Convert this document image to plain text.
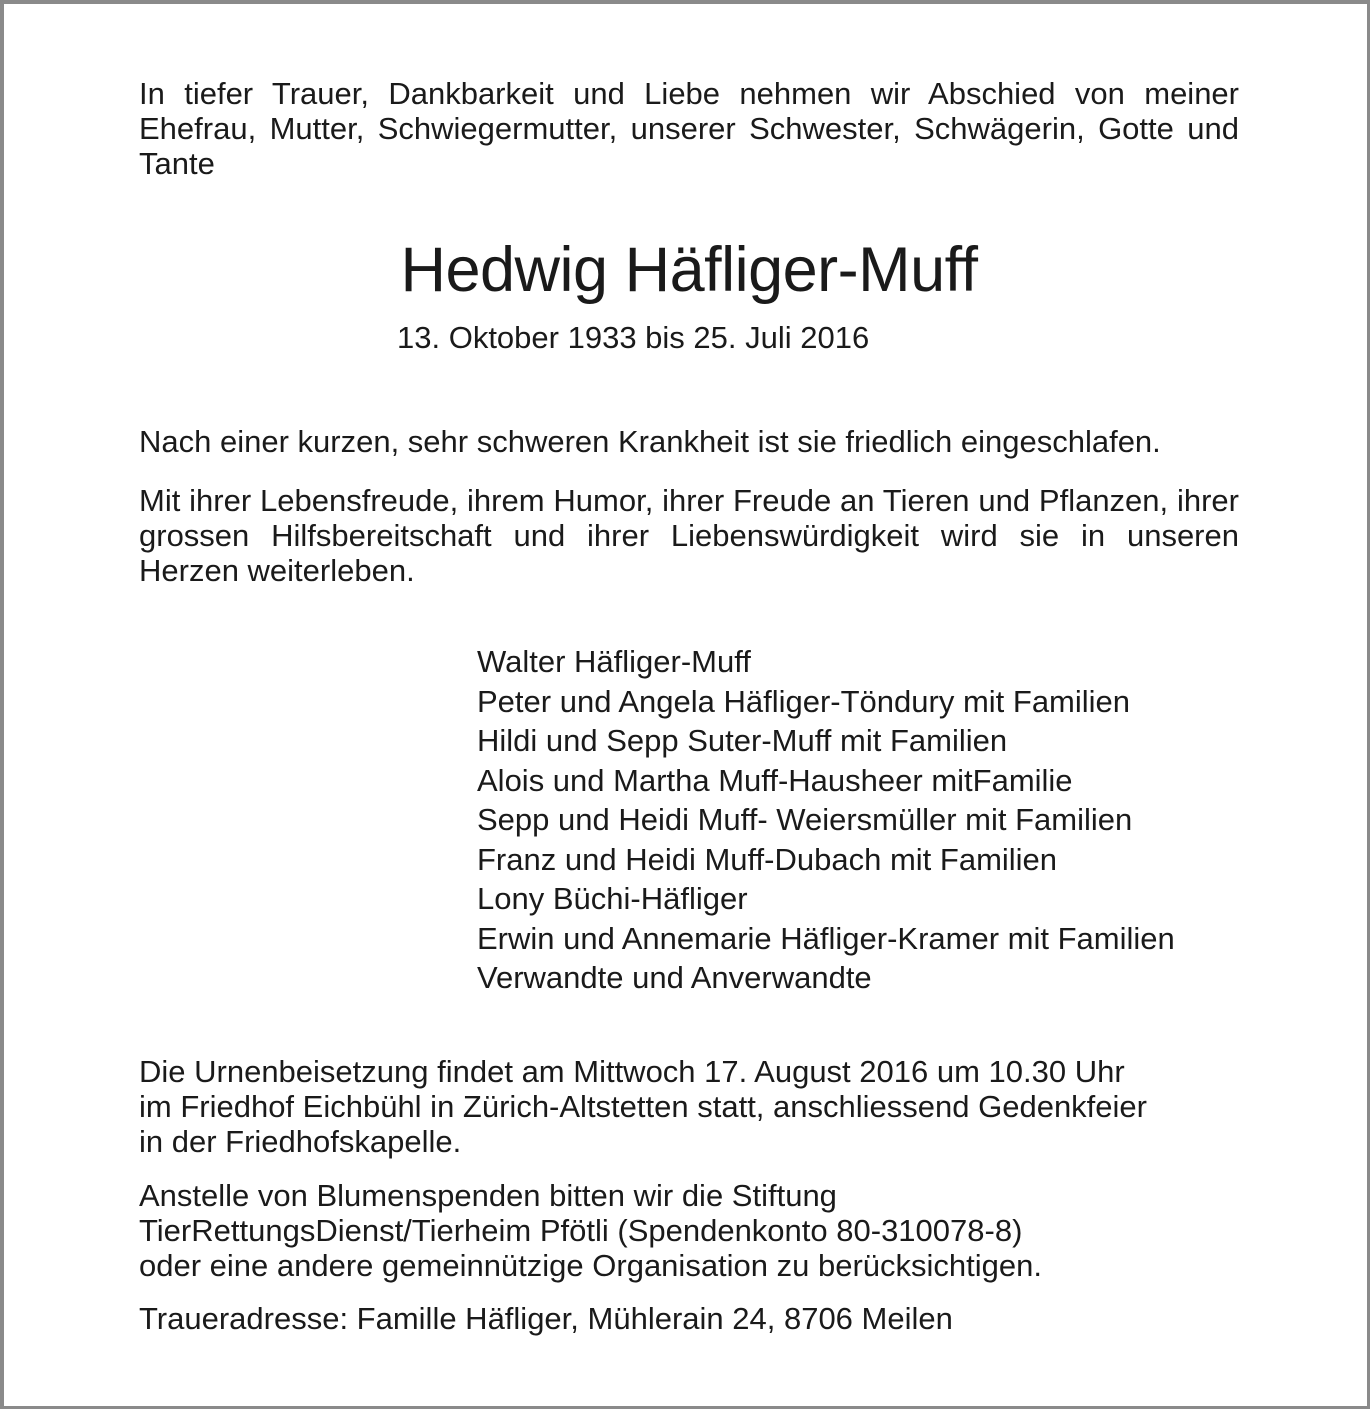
In tiefer Trauer, Dankbarkeit und Liebe nehmen wir Abschied von meiner Ehefrau, Mutter, Schwiegermutter, unserer Schwester, Schwägerin, Gotte und Tante

Hedwig Häfliger-Muff

13. Oktober 1933 bis 25. Juli 2016

Nach einer kurzen, sehr schweren Krankheit ist sie friedlich eingeschlafen.

Mit ihrer Lebensfreude, ihrem Humor, ihrer Freude an Tieren und Pflanzen, ihrer grossen Hilfsbereitschaft und ihrer Liebenswürdigkeit wird sie in unseren Herzen weiterleben.

Walter Häfliger-Muff
Peter und Angela Häfliger-Töndury mit Familien
Hildi und Sepp Suter-Muff mit Familien
Alois und Martha Muff-Hausheer mitFamilie
Sepp und Heidi Muff- Weiersmüller mit Familien
Franz und Heidi Muff-Dubach mit Familien
Lony Büchi-Häfliger
Erwin und Annemarie Häfliger-Kramer mit Familien
Verwandte und Anverwandte
Die Urnenbeisetzung findet am Mittwoch 17. August 2016 um 10.30 Uhr
im Friedhof Eichbühl in Zürich-Altstetten statt, anschliessend Gedenkfeier
in der Friedhofskapelle.
Anstelle von Blumenspenden bitten wir die Stiftung
TierRettungsDienst/Tierheim Pfötli (Spendenkonto 80-310078-8)
oder eine andere gemeinnützige Organisation zu berücksichtigen.

Traueradresse: Famille Häfliger, Mühlerain 24, 8706 Meilen
